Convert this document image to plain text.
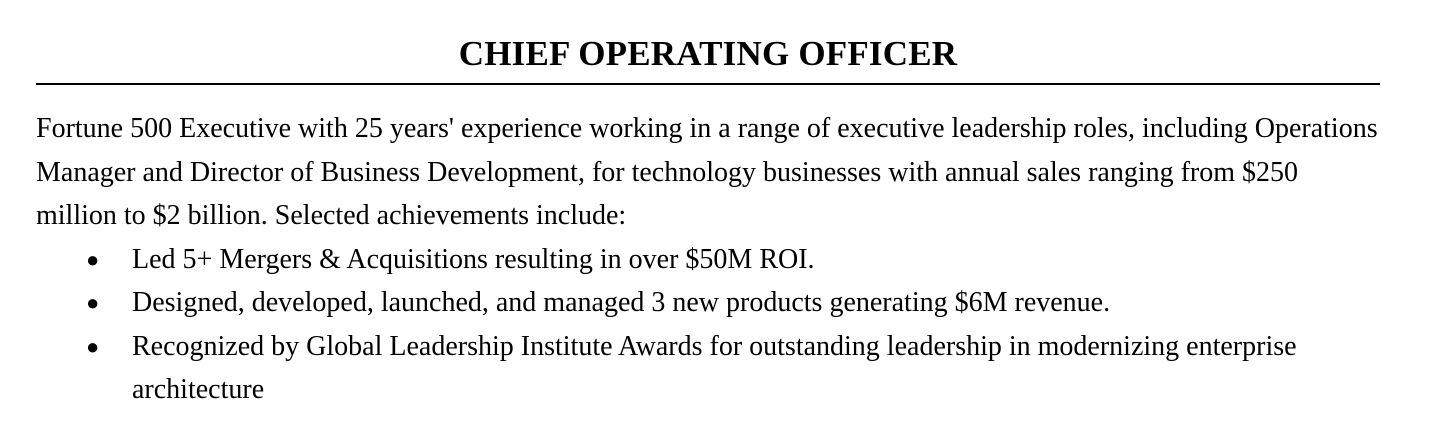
CHIEF OPERATING OFFICER

Fortune 500 Executive with 25 years' experience working in a range of executive leadership roles, including Operations Manager and Director of Business Development, for technology businesses with annual sales ranging from $250 million to $2 billion. Selected achievements include:

● Led 5+ Mergers & Acquisitions resulting in over $50M ROI.
● Designed, developed, launched, and managed 3 new products generating $6M revenue.
● Recognized by Global Leadership Institute Awards for outstanding leadership in modernizing enterprise architecture
